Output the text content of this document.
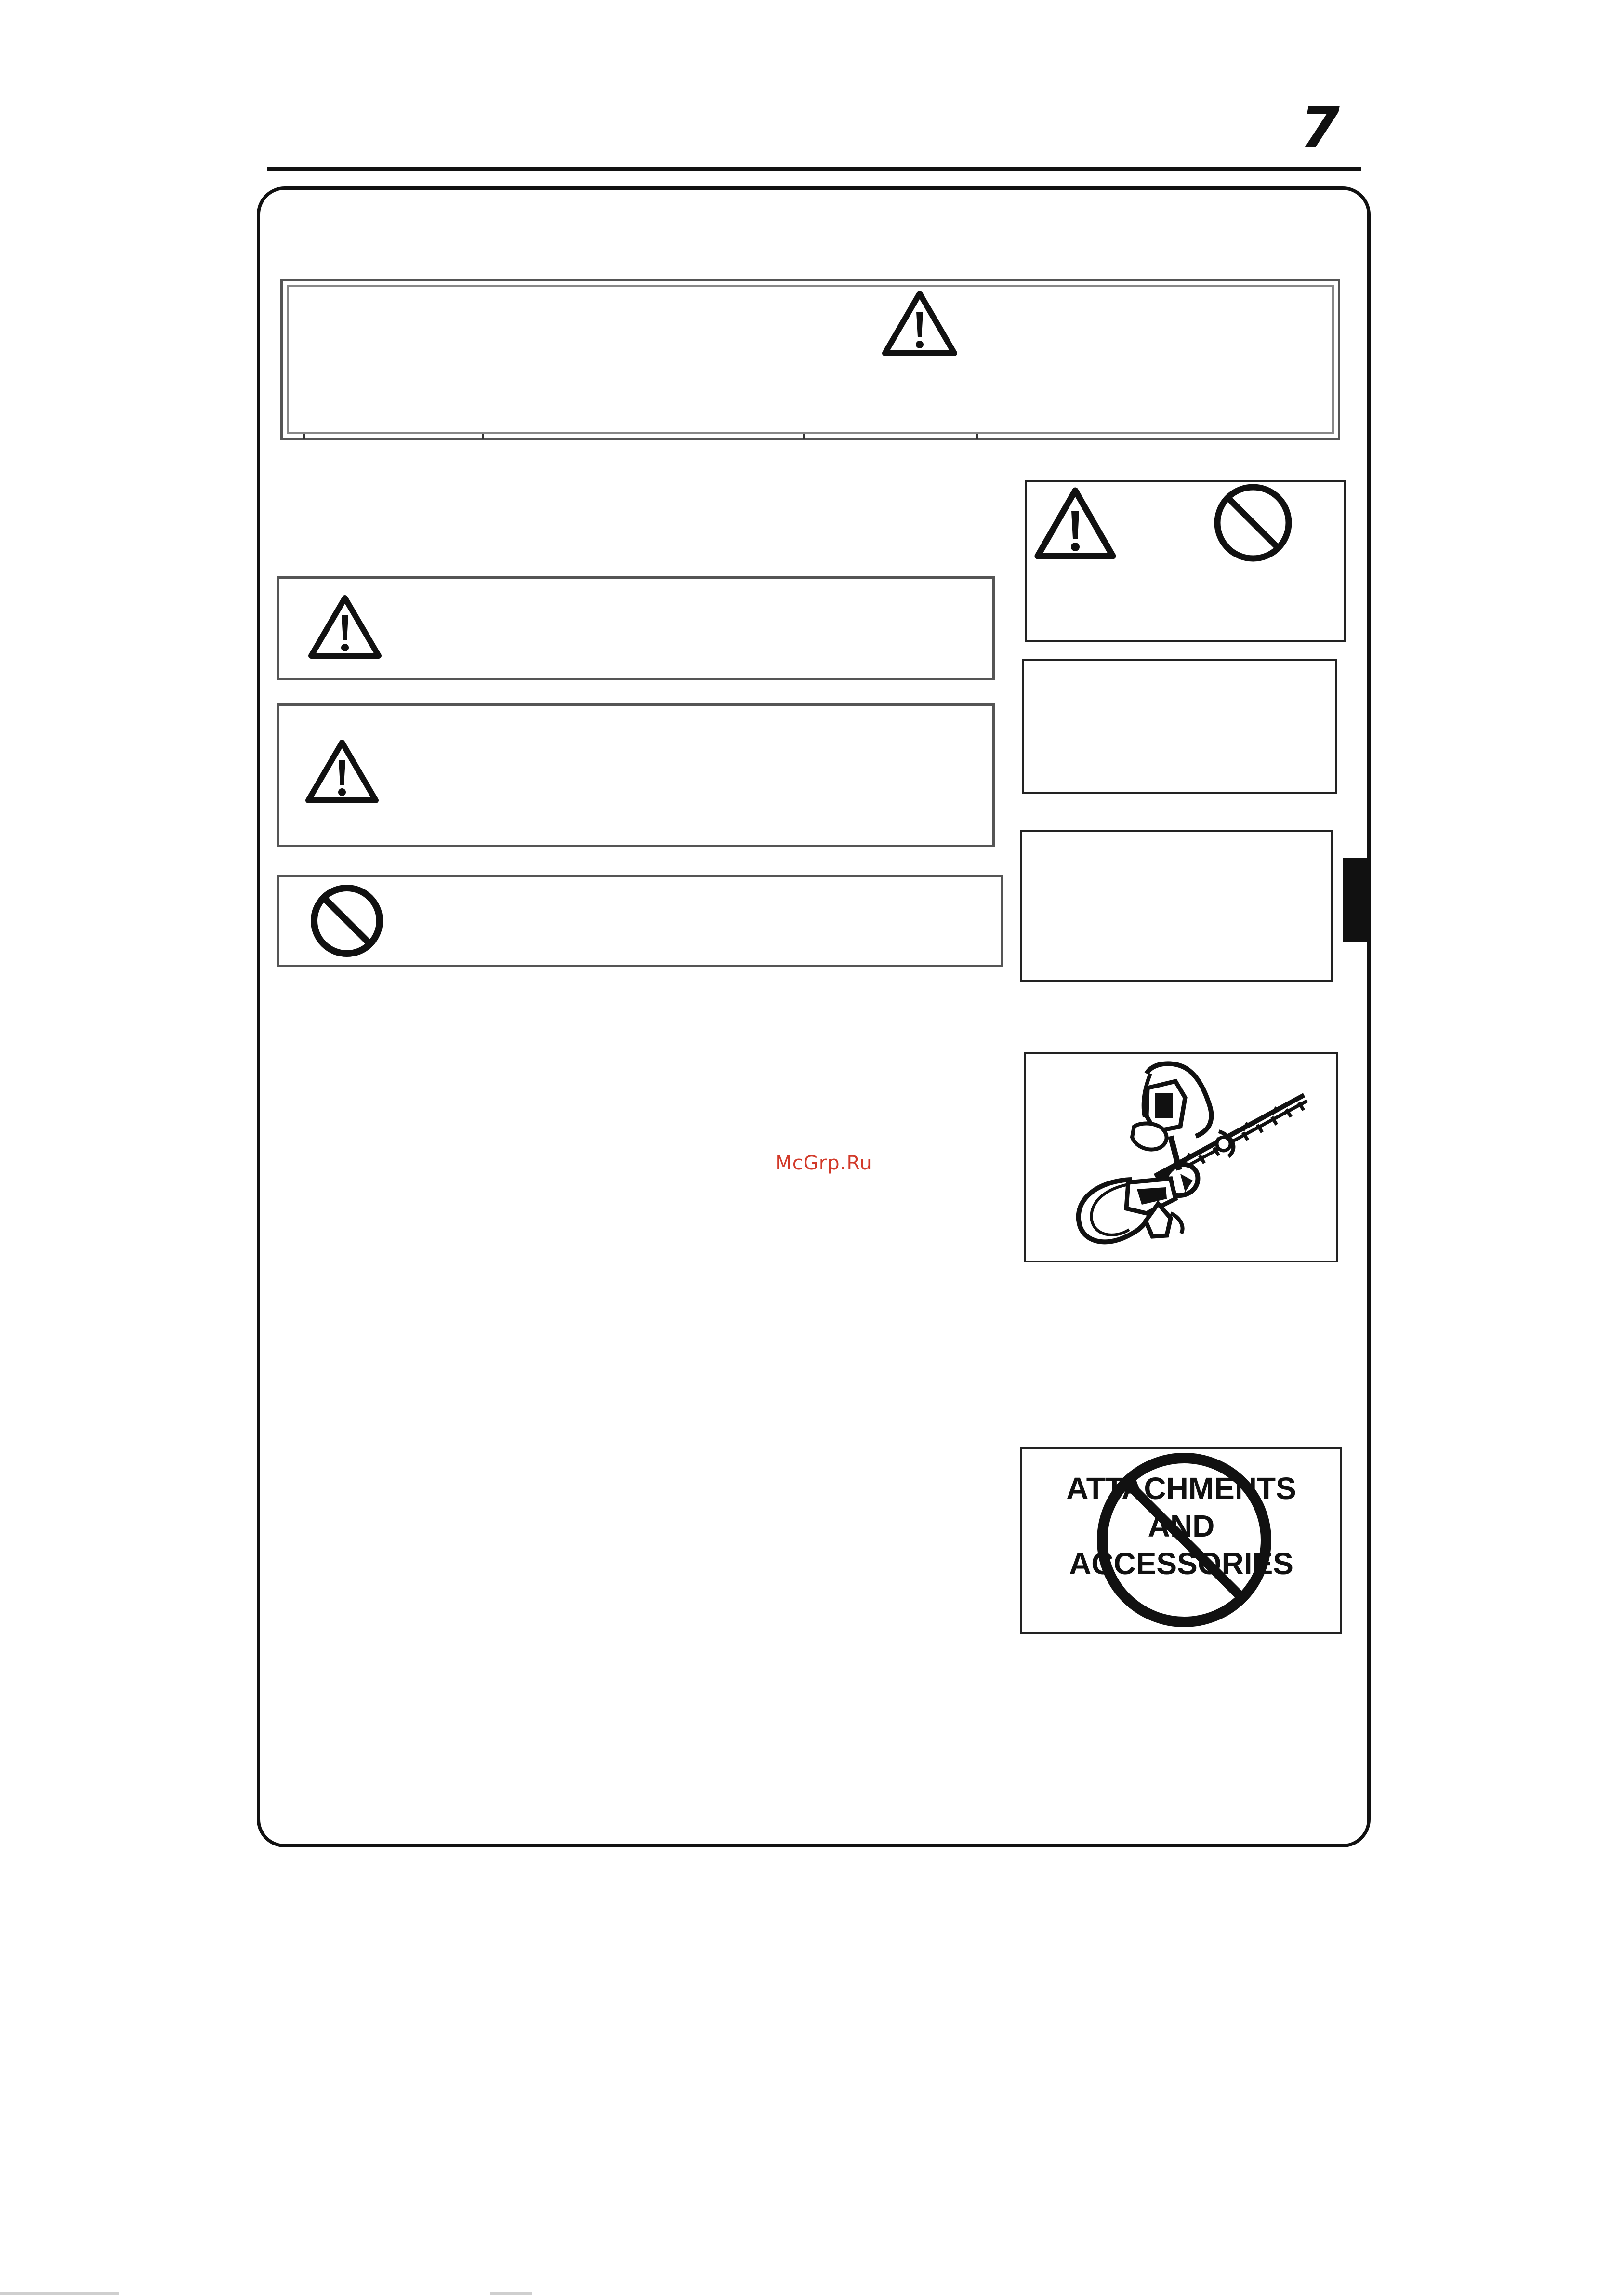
7
McGrp.Ru
ATTACHMENTS
AND
ACCESSORIES
